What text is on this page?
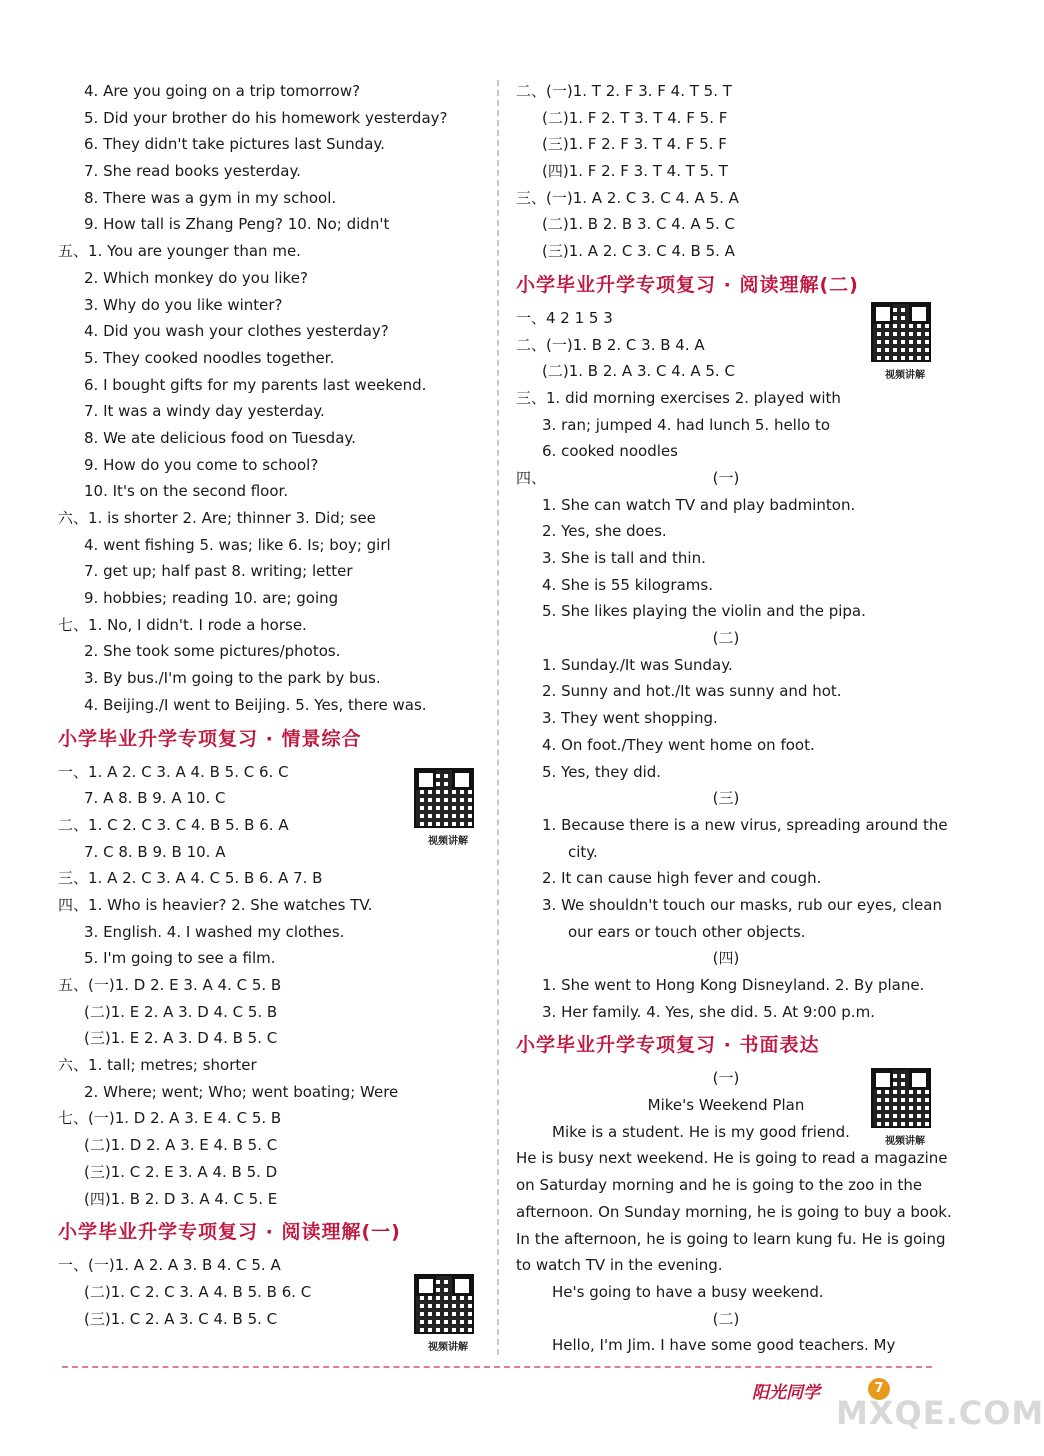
4. Are you going on a trip tomorrow?
5. Did your brother do his homework yesterday?
6. They didn't take pictures last Sunday.
7. She read books yesterday.
8. There was a gym in my school.
9. How tall is Zhang Peng? 10. No; didn't
五、1. You are younger than me.
2. Which monkey do you like?
3. Why do you like winter?
4. Did you wash your clothes yesterday?
5. They cooked noodles together.
6. I bought gifts for my parents last weekend.
7. It was a windy day yesterday.
8. We ate delicious food on Tuesday.
9. How do you come to school?
10. It's on the second floor.
六、1. is shorter 2. Are; thinner 3. Did; see
4. went fishing 5. was; like 6. Is; boy; girl
7. get up; half past 8. writing; letter
9. hobbies; reading 10. are; going
七、1. No, I didn't. I rode a horse.
2. She took some pictures/photos.
3. By bus./I'm going to the park by bus.
4. Beijing./I went to Beijing. 5. Yes, there was.
小学毕业升学专项复习 · 情景综合
一、1. A 2. C 3. A 4. B 5. C 6. C
7. A 8. B 9. A 10. C
二、1. C 2. C 3. C 4. B 5. B 6. A
7. C 8. B 9. B 10. A
三、1. A 2. C 3. A 4. C 5. B 6. A 7. B
四、1. Who is heavier? 2. She watches TV.
3. English. 4. I washed my clothes.
5. I'm going to see a film.
五、(一)1. D 2. E 3. A 4. C 5. B
(二)1. E 2. A 3. D 4. C 5. B
(三)1. E 2. A 3. D 4. B 5. C
六、1. tall; metres; shorter
2. Where; went; Who; went boating; Were
七、(一)1. D 2. A 3. E 4. C 5. B
(二)1. D 2. A 3. E 4. B 5. C
(三)1. C 2. E 3. A 4. B 5. D
(四)1. B 2. D 3. A 4. C 5. E
小学毕业升学专项复习 · 阅读理解(一)
一、(一)1. A 2. A 3. B 4. C 5. A
(二)1. C 2. C 3. A 4. B 5. B 6. C
(三)1. C 2. A 3. C 4. B 5. C
二、(一)1. T 2. F 3. F 4. T 5. T
(二)1. F 2. T 3. T 4. F 5. F
(三)1. F 2. F 3. T 4. F 5. F
(四)1. F 2. F 3. T 4. T 5. T
三、(一)1. A 2. C 3. C 4. A 5. A
(二)1. B 2. B 3. C 4. A 5. C
(三)1. A 2. C 3. C 4. B 5. A
小学毕业升学专项复习 · 阅读理解(二)
一、4 2 1 5 3
二、(一)1. B 2. C 3. B 4. A
(二)1. B 2. A 3. C 4. A 5. C
三、1. did morning exercises 2. played with
3. ran; jumped 4. had lunch 5. hello to
6. cooked noodles
四、	(一)
1. She can watch TV and play badminton.
2. Yes, she does.
3. She is tall and thin.
4. She is 55 kilograms.
5. She likes playing the violin and the pipa.
(二)
1. Sunday./It was Sunday.
2. Sunny and hot./It was sunny and hot.
3. They went shopping.
4. On foot./They went home on foot.
5. Yes, they did.
(三)
1. Because there is a new virus, spreading around the
city.
2. It can cause high fever and cough.
3. We shouldn't touch our masks, rub our eyes, clean
our ears or touch other objects.
(四)
1. She went to Hong Kong Disneyland. 2. By plane.
3. Her family. 4. Yes, she did. 5. At 9:00 p.m.
小学毕业升学专项复习 · 书面表达
(一)
Mike's Weekend Plan
Mike is a student. He is my good friend.
He is busy next weekend. He is going to read a magazine
on Saturday morning and he is going to the zoo in the
afternoon. On Sunday morning, he is going to buy a book.
In the afternoon, he is going to learn kung fu. He is going
to watch TV in the evening.
He's going to have a busy weekend.
(二)
Hello, I'm Jim. I have some good teachers. My
视频讲解
视频讲解
视频讲解
视频讲解
阳光同学	7
MXQE.COM
